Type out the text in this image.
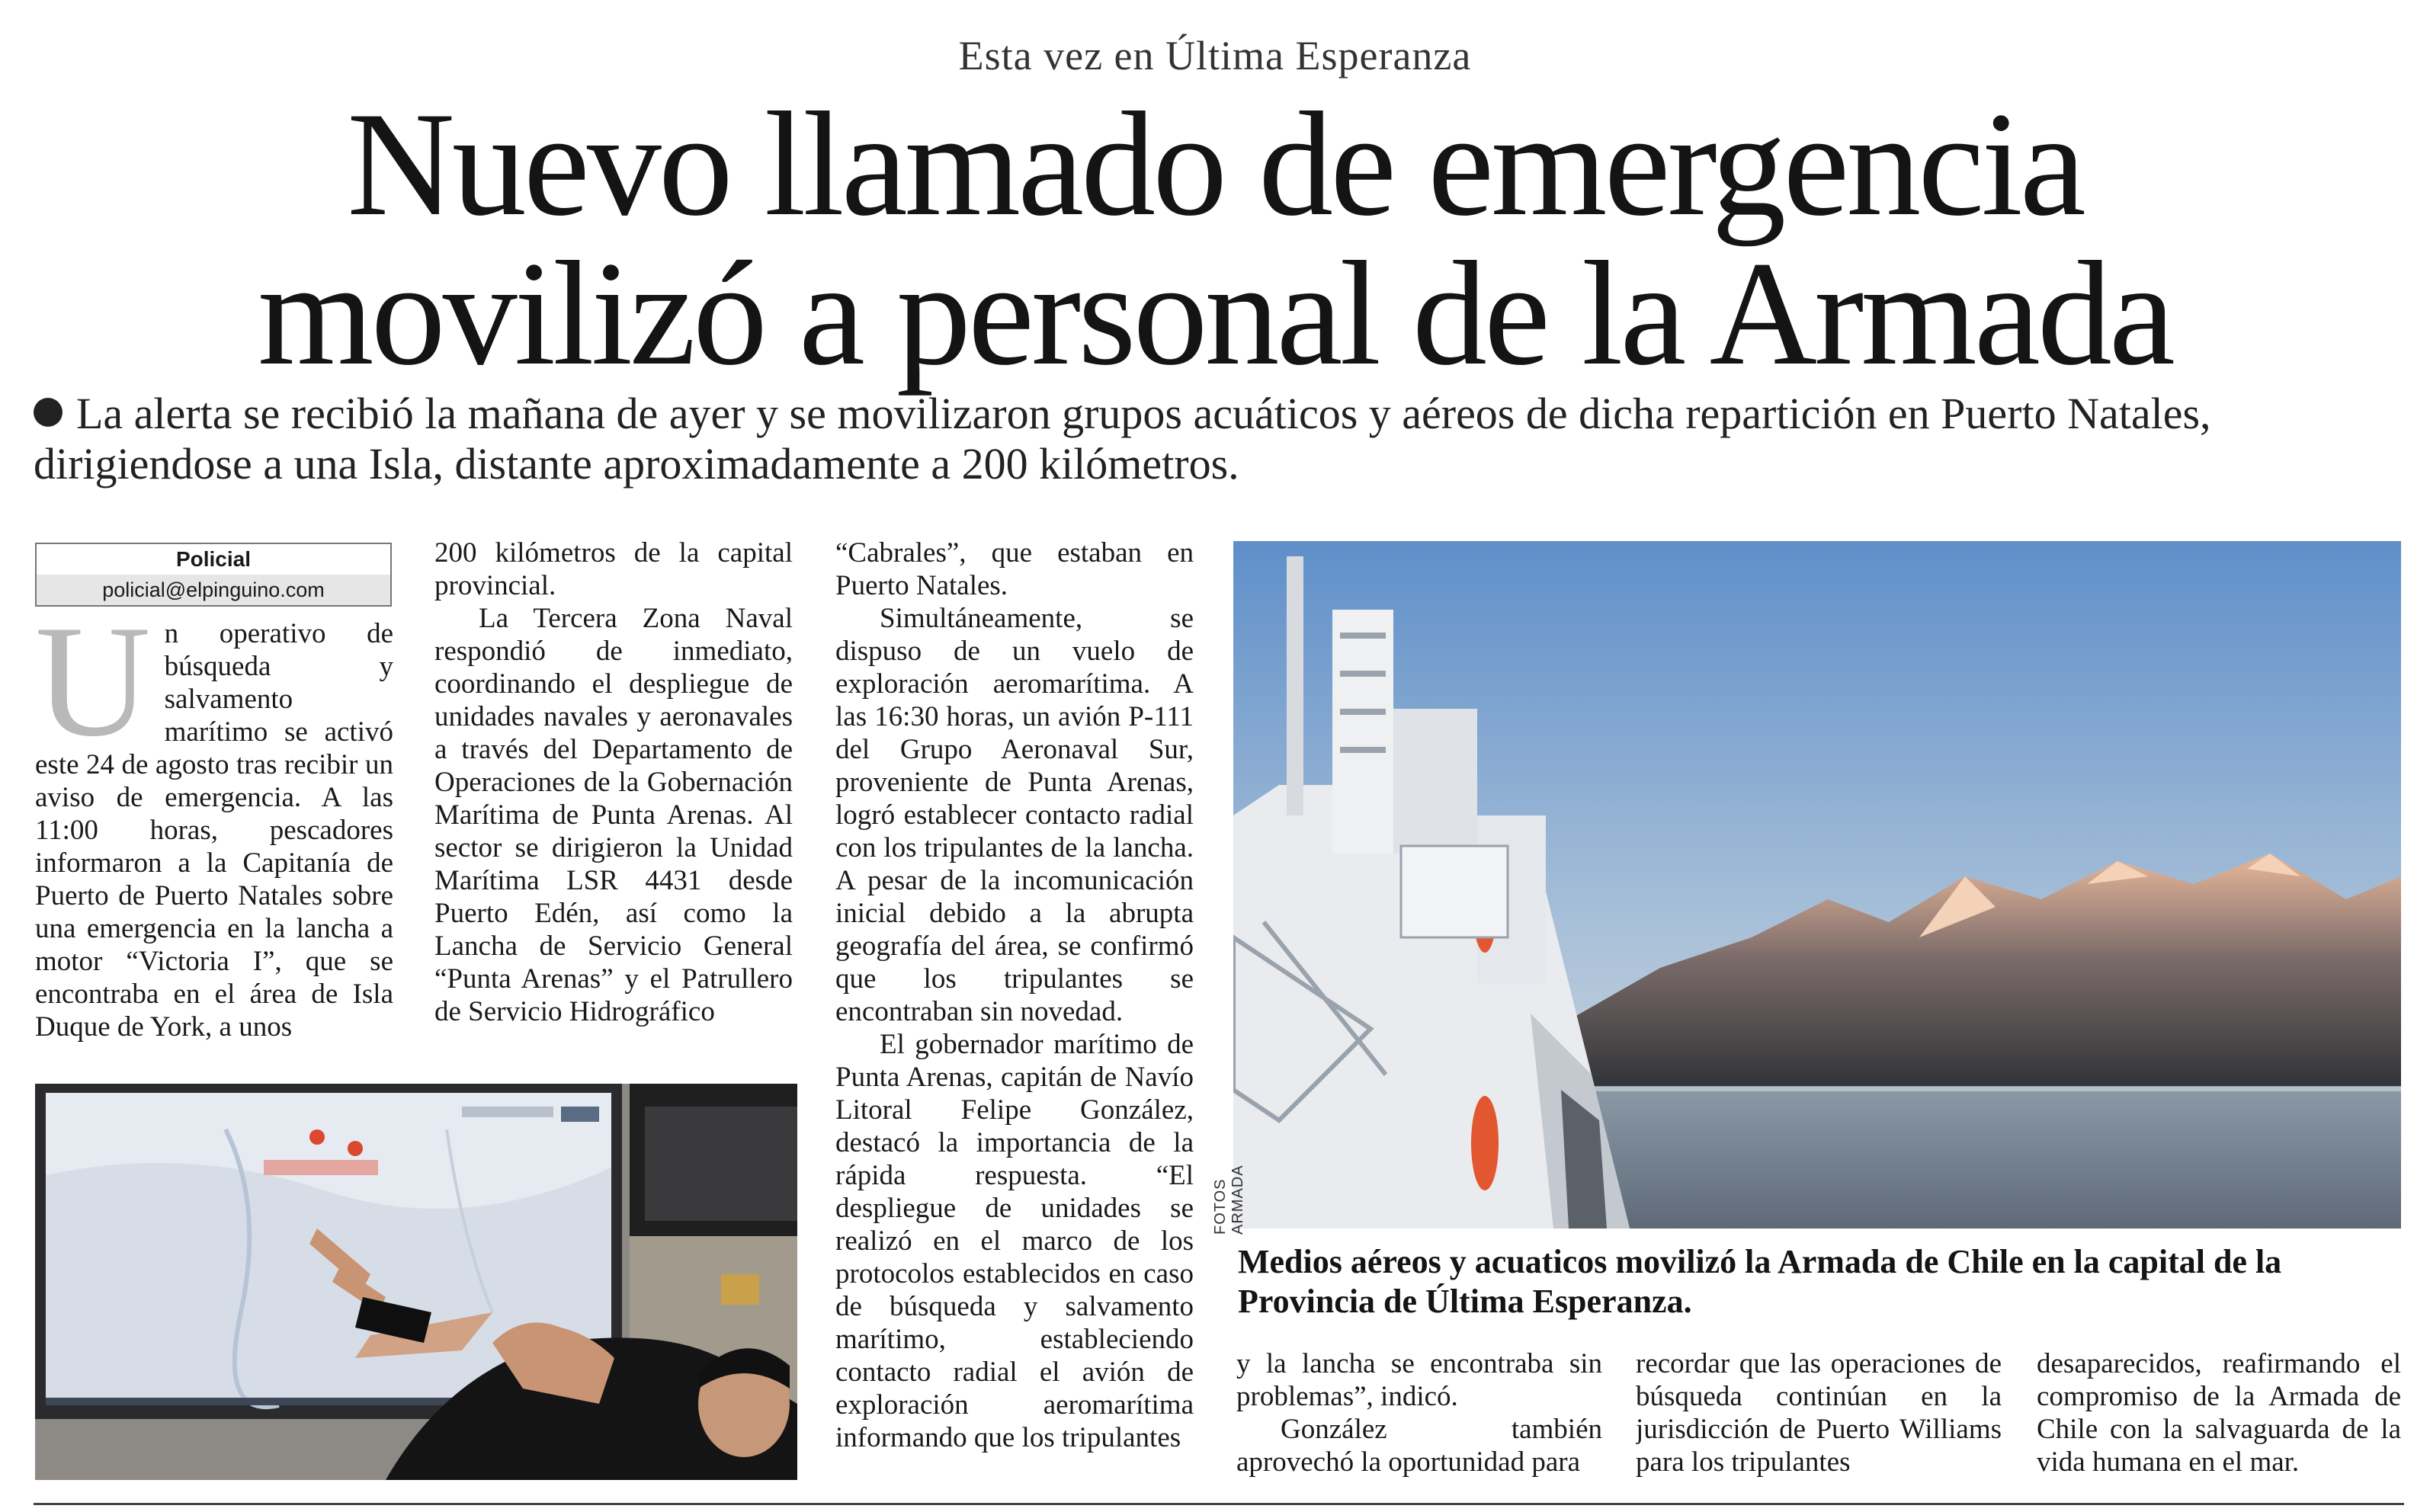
Esta vez en Última Esperanza
Nuevo llamado de emergencia
movilizó a personal de la Armada
La alerta se recibió la mañana de ayer y se movilizaron grupos acuáticos y aéreos de dicha repartición en Puerto Natales, dirigiendose a una Isla, distante aproximadamente a 200 kilómetros.
Policial
policial@elpinguino.com

Un operativo de búsqueda y salvamento marítimo se activó este 24 de agosto tras recibir un aviso de emergencia. A las 11:00 horas, pescadores informaron a la Capitanía de Puerto de Puerto Natales sobre una emergencia en la lancha a motor “Victoria I”, que se encontraba en el área de Isla Duque de York, a unos

200 kilómetros de la capital provincial.

La Tercera Zona Naval respondió de inmediato, coordinando el despliegue de unidades navales y aeronavales a través del Departamento de Operaciones de la Gobernación Marítima de Punta Arenas. Al sector se dirigieron la Unidad Marítima LSR 4431 desde Puerto Edén, así como la Lancha de Servicio General “Punta Arenas” y el Patrullero de Servicio Hidrográfico

“Cabrales”, que estaban en Puerto Natales.

Simultáneamente, se dispuso de un vuelo de exploración aeromarítima. A las 16:30 horas, un avión P-111 del Grupo Aeronaval Sur, proveniente de Punta Arenas, logró establecer contacto radial con los tripulantes de la lancha. A pesar de la incomunicación inicial debido a la abrupta geografía del área, se confirmó que los tripulantes se encontraban sin novedad.

El gobernador marítimo de Punta Arenas, capitán de Navío Litoral Felipe González, destacó la importancia de la rápida respuesta. “El despliegue de unidades se realizó en el marco de los protocolos establecidos en caso de búsqueda y salvamento marítimo, estableciendo contacto radial el avión de exploración aeromarítima informando que los tripulantes

FOTOS ARMADA
Medios aéreos y acuaticos movilizó la Armada de Chile en la capital de la Provincia de Última Esperanza.

y la lancha se encontraba sin problemas”, indicó.

González también aprovechó la oportunidad para

recordar que las operaciones de búsqueda continúan en la jurisdicción de Puerto Williams para los tripulantes

desaparecidos, reafirmando el compromiso de la Armada de Chile con la salvaguarda de la vida humana en el mar.
